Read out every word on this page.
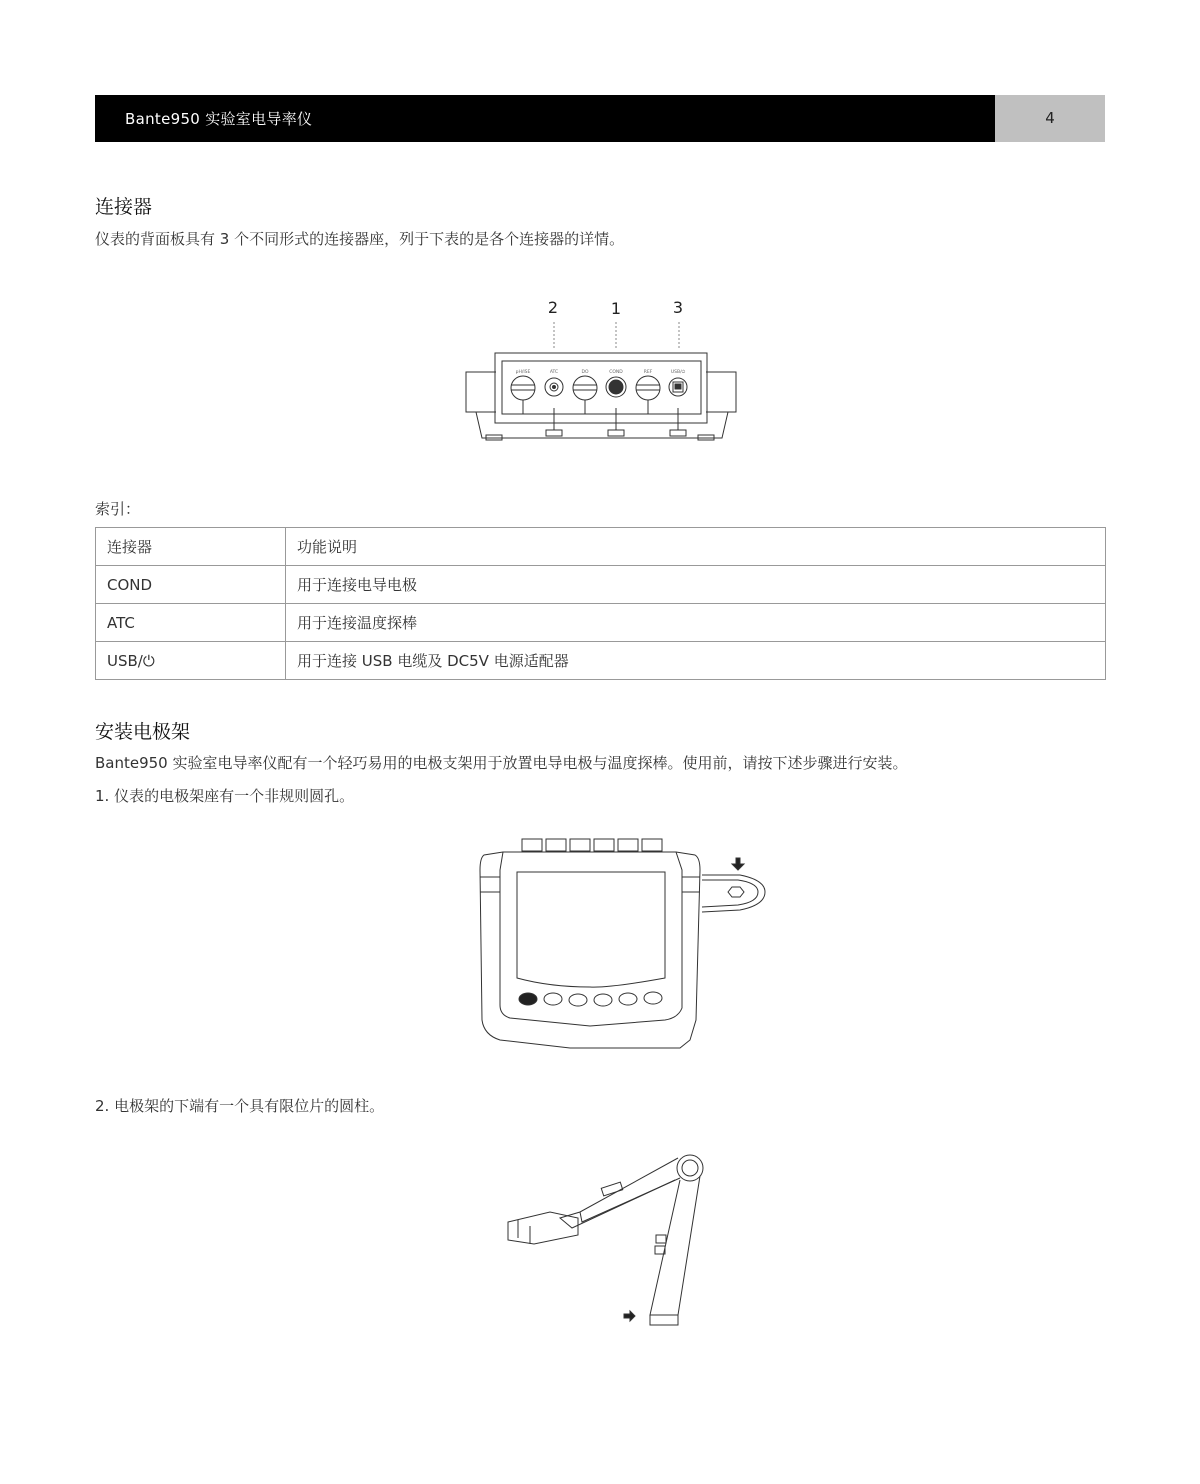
Bante950 实验室电导率仪	4
连接器

仪表的背面板具有 3 个不同形式的连接器座，列于下表的是各个连接器的详情。

2	1	3
pH/ISE	ATC	DO	COND	REF	USB/⏻

索引：

连接器	功能说明
COND	用于连接电导电极
ATC	用于连接温度探棒
USB/⏻	用于连接 USB 电缆及 DC5V 电源适配器
安装电极架

Bante950 实验室电导率仪配有一个轻巧易用的电极支架用于放置电导电极与温度探棒。使用前，请按下述步骤进行安装。

1. 仪表的电极架座有一个非规则圆孔。

2. 电极架的下端有一个具有限位片的圆柱。
